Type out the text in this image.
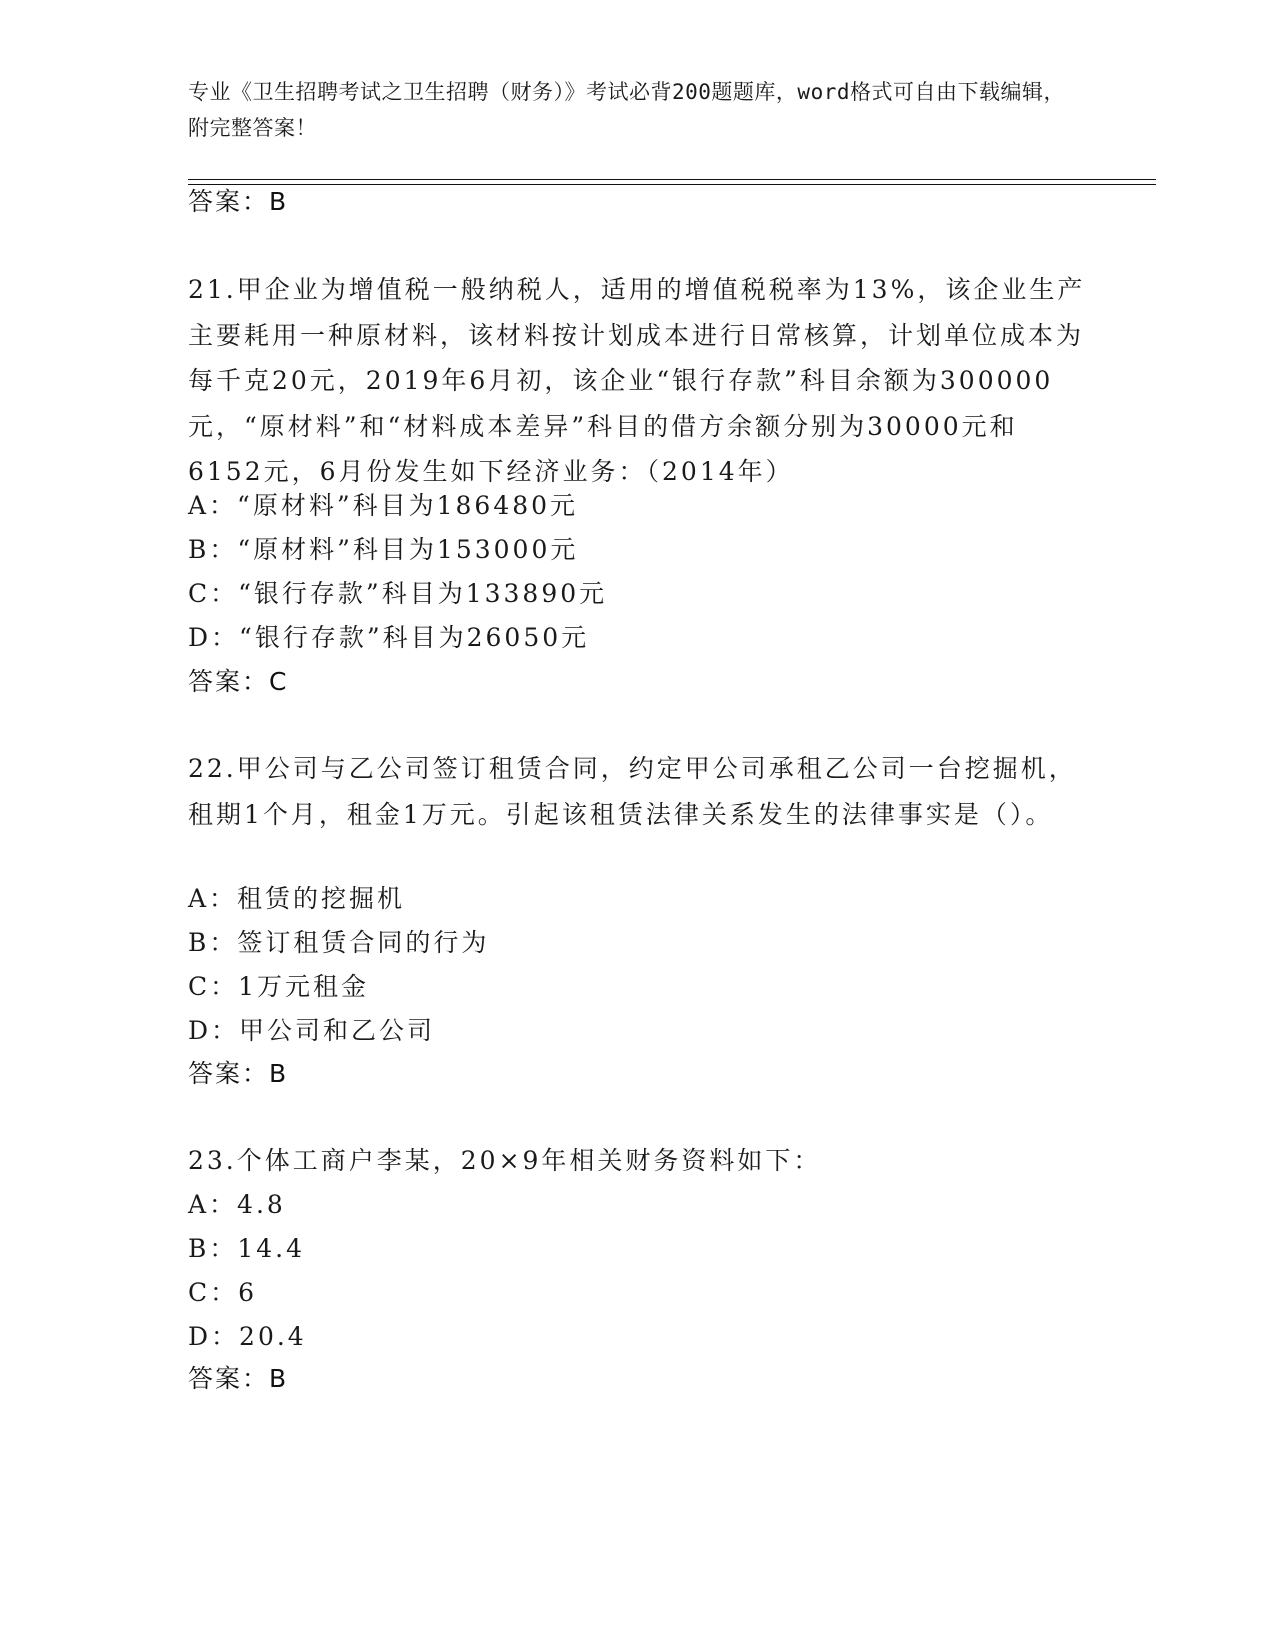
专业《卫生招聘考试之卫生招聘（财务）》考试必背200题题库，word格式可自由下载编辑，附完整答案！
答案：B
21.甲企业为增值税一般纳税人，适用的增值税税率为13%，该企业生产主要耗用一种原材料，该材料按计划成本进行日常核算，计划单位成本为每千克20元，2019年6月初，该企业“银行存款”科目余额为300000元，“原材料”和“材料成本差异”科目的借方余额分别为30000元和6152元，6月份发生如下经济业务：（2014年）
A：“原材料”科目为186480元
B：“原材料”科目为153000元
C：“银行存款”科目为133890元
D：“银行存款”科目为26050元
答案：C
22.甲公司与乙公司签订租赁合同，约定甲公司承租乙公司一台挖掘机，租期1个月，租金1万元。引起该租赁法律关系发生的法律事实是（）。
A：租赁的挖掘机
B：签订租赁合同的行为
C：1万元租金
D：甲公司和乙公司
答案：B
23.个体工商户李某，20×9年相关财务资料如下：
A：4.8
B：14.4
C：6
D：20.4
答案：B
